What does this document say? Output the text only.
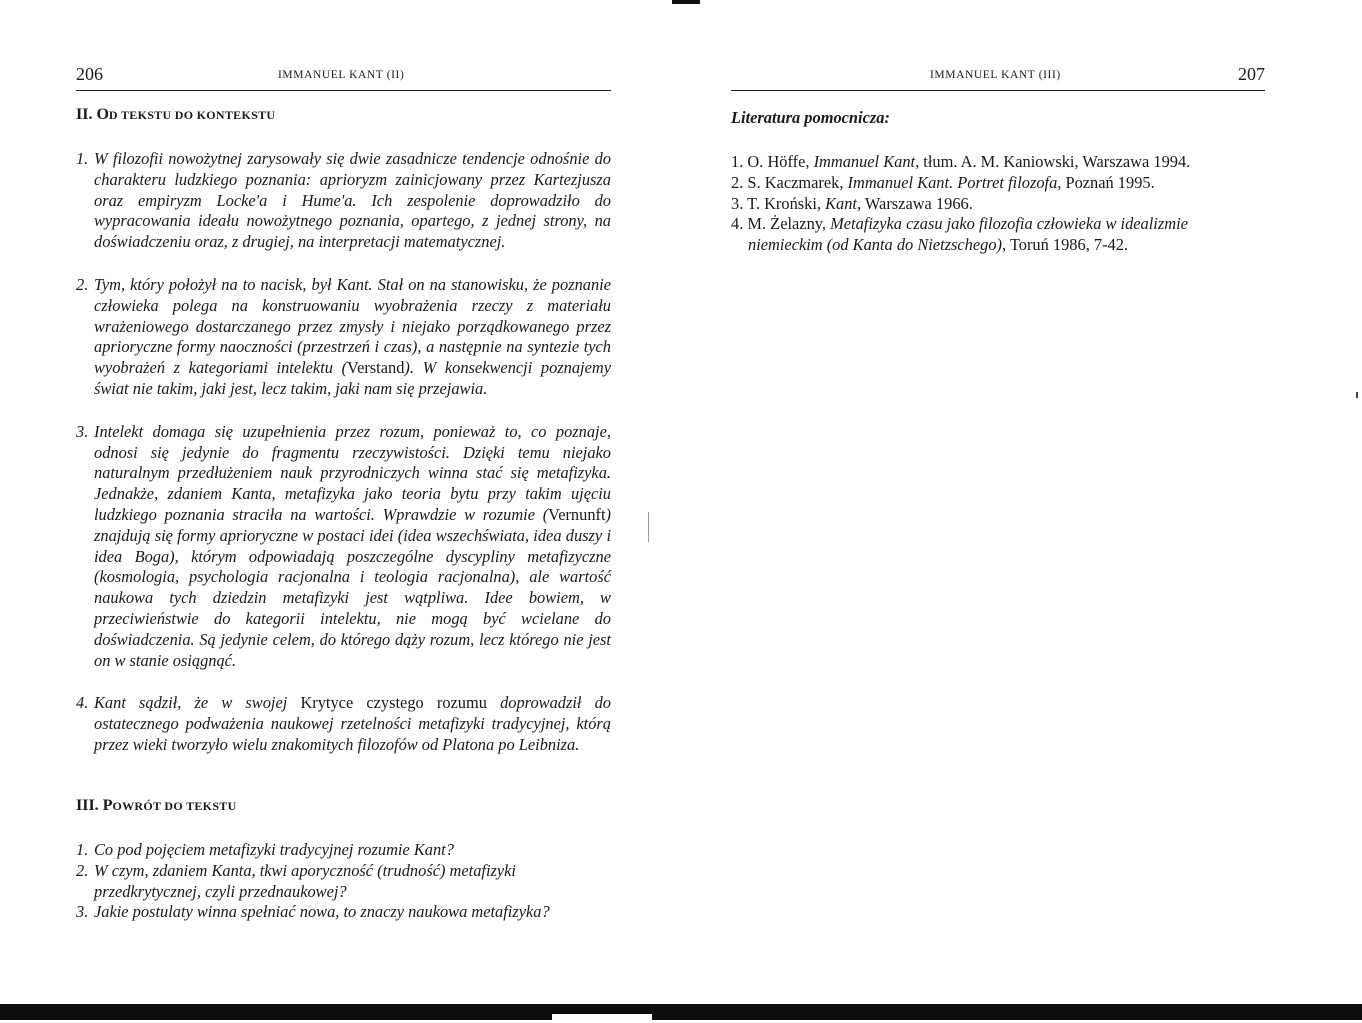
206	IMMANUEL KANT (II)
II. OD TEKSTU DO KONTEKSTU
1. W filozofii nowożytnej zarysowały się dwie zasadnicze tendencje odnośnie do charakteru ludzkiego poznania: aprioryzm zainicjowany przez Kartezjusza oraz empiryzm Locke'a i Hume'a. Ich zespolenie doprowadziło do wypracowania ideału nowożytnego poznania, opartego, z jednej strony, na doświadczeniu oraz, z drugiej, na interpretacji matematycznej.
2. Tym, który położył na to nacisk, był Kant. Stał on na stanowisku, że poznanie człowieka polega na konstruowaniu wyobrażenia rzeczy z materiału wrażeniowego dostarczanego przez zmysły i niejako porządkowanego przez aprioryczne formy naoczności (przestrzeń i czas), a następnie na syntezie tych wyobrażeń z kategoriami intelektu (Verstand). W konsekwencji poznajemy świat nie takim, jaki jest, lecz takim, jaki nam się przejawia.
3. Intelekt domaga się uzupełnienia przez rozum, ponieważ to, co poznaje, odnosi się jedynie do fragmentu rzeczywistości. Dzięki temu niejako naturalnym przedłużeniem nauk przyrodniczych winna stać się metafizyka. Jednakże, zdaniem Kanta, metafizyka jako teoria bytu przy takim ujęciu ludzkiego poznania straciła na wartości. Wprawdzie w rozumie (Vernunft) znajdują się formy aprioryczne w postaci idei (idea wszechświata, idea duszy i idea Boga), którym odpowiadają poszczególne dyscypliny metafizyczne (kosmologia, psychologia racjonalna i teologia racjonalna), ale wartość naukowa tych dziedzin metafizyki jest wątpliwa. Idee bowiem, w przeciwieństwie do kategorii intelektu, nie mogą być wcielane do doświadczenia. Są jedynie celem, do którego dąży rozum, lecz którego nie jest on w stanie osiągnąć.
4. Kant sądził, że w swojej Krytyce czystego rozumu doprowadził do ostatecznego podważenia naukowej rzetelności metafizyki tradycyjnej, którą przez wieki tworzyło wielu znakomitych filozofów od Platona po Leibniza.
III. POWRÓT DO TEKSTU
1. Co pod pojęciem metafizyki tradycyjnej rozumie Kant?
2. W czym, zdaniem Kanta, tkwi aporyczność (trudność) metafizyki przedkrytycznej, czyli przednaukowej?
3. Jakie postulaty winna spełniać nowa, to znaczy naukowa metafizyka?
IMMANUEL KANT (III)	207
Literatura pomocnicza:
1. O. Höffe, Immanuel Kant, tłum. A. M. Kaniowski, Warszawa 1994.
2. S. Kaczmarek, Immanuel Kant. Portret filozofa, Poznań 1995.
3. T. Kroński, Kant, Warszawa 1966.
4. M. Żelazny, Metafizyka czasu jako filozofia człowieka w idealizmie niemieckim (od Kanta do Nietzschego), Toruń 1986, 7-42.
